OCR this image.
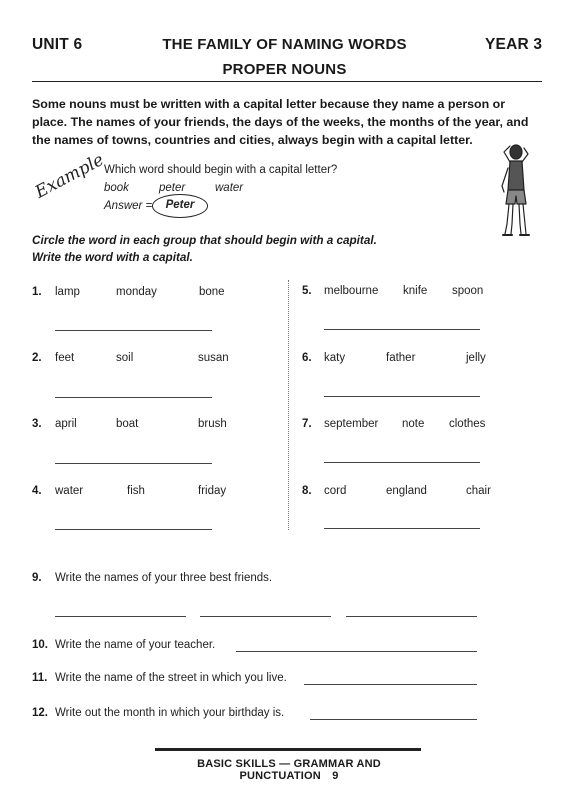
UNIT 6	THE FAMILY OF NAMING WORDS
PROPER NOUNS
YEAR 3
Some nouns must be written with a capital letter because they name a person or
place. The names of your friends, the days of the weeks, the months of the year, and
the names of towns, countries and cities, always begin with a capital letter.
Example
Which word should begin with a capital letter?
book	peter	water
Answer =	Peter
Circle the word in each group that should begin with a capital.
Write the word with a capital.
1. lamp	monday	bone
2. feet	soil	susan
3. april	boat	brush
4. water	fish	friday
5. melbourne knife spoon
6. katy	father	jelly
7. september note clothes
8. cord	england	chair
9. Write the names of your three best friends.
10. Write the name of your teacher.
11. Write the name of the street in which you live.
12. Write out the month in which your birthday is.
BASIC SKILLS — GRAMMAR AND PUNCTUATION 9
